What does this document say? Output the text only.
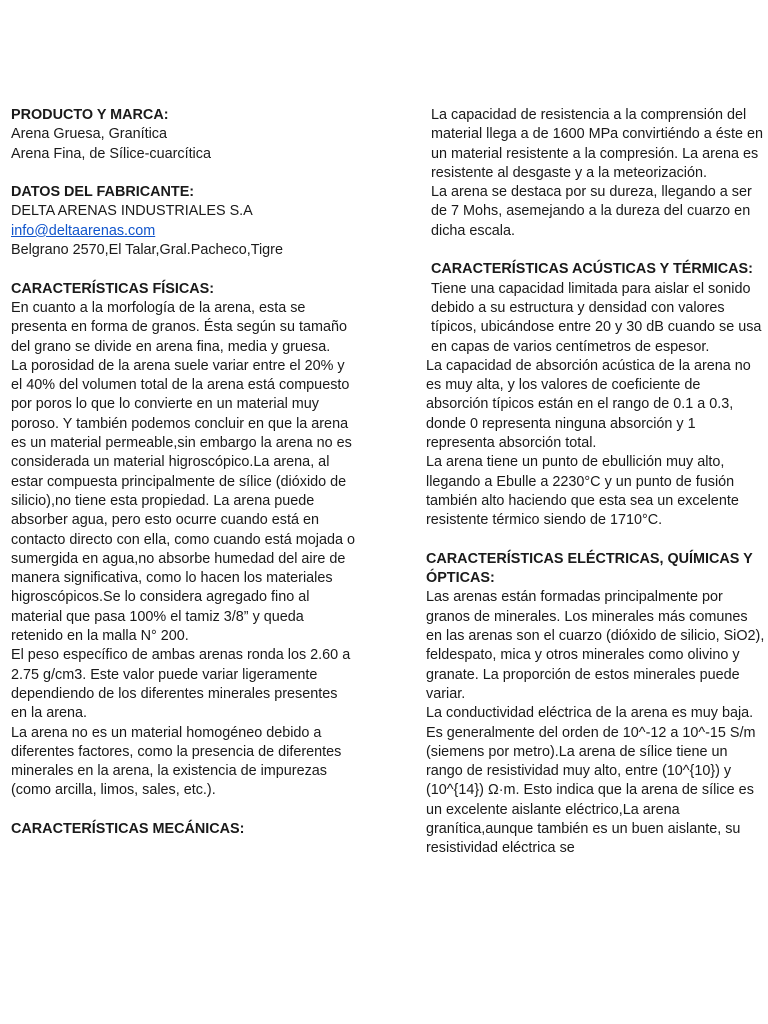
PRODUCTO Y MARCA:
Arena Gruesa, Granítica
Arena Fina, de Sílice-cuarcítica
DATOS DEL FABRICANTE:
DELTA ARENAS INDUSTRIALES S.A
info@deltaarenas.com
Belgrano 2570,El Talar,Gral.Pacheco,Tigre
CARACTERÍSTICAS FÍSICAS:

En cuanto a la morfología de la arena, esta se presenta en forma de granos. Ésta según su tamaño del grano se divide en arena fina, media y gruesa.

La porosidad de la arena suele variar entre el 20% y el 40% del volumen total de la arena está compuesto por poros lo que lo convierte en un material muy poroso. Y también podemos concluir en que la arena es un material permeable,sin embargo la arena no es considerada un material higroscópico.La arena, al estar compuesta principalmente de sílice (dióxido de silicio),no tiene esta propiedad. La arena puede absorber agua, pero esto ocurre cuando está en contacto directo con ella, como cuando está mojada o sumergida en agua,no absorbe humedad del aire de manera significativa, como lo hacen los materiales higroscópicos.Se lo considera agregado fino al material que pasa 100% el tamiz 3/8” y queda retenido en la malla N° 200.

El peso específico de ambas arenas ronda los 2.60 a 2.75 g/cm3. Este valor puede variar ligeramente dependiendo de los diferentes minerales presentes en la arena.

La arena no es un material homogéneo debido a diferentes factores, como la presencia de diferentes minerales en la arena, la existencia de impurezas (como arcilla, limos, sales, etc.).

CARACTERÍSTICAS MECÁNICAS:

La capacidad de resistencia a la comprensión del material llega a de 1600 MPa convirtiéndo a éste en un material resistente a la compresión. La arena es resistente al desgaste y a la meteorización.

La arena se destaca por su dureza, llegando a ser de 7 Mohs, asemejando a la dureza del cuarzo en dicha escala.

CARACTERÍSTICAS ACÚSTICAS Y TÉRMICAS:

Tiene una capacidad limitada para aislar el sonido debido a su estructura y densidad con valores típicos, ubicándose entre 20 y 30 dB cuando se usa en capas de varios centímetros de espesor.

La capacidad de absorción acústica de la arena no es muy alta, y los valores de coeficiente de absorción típicos están en el rango de 0.1 a 0.3, donde 0 representa ninguna absorción y 1 representa absorción total.

La arena tiene un punto de ebullición muy alto, llegando a Ebulle a 2230°C y un punto de fusión también alto haciendo que esta sea un excelente resistente térmico siendo de 1710°C.

CARACTERÍSTICAS ELÉCTRICAS, QUÍMICAS Y ÓPTICAS:

Las arenas están formadas principalmente por granos de minerales. Los minerales más comunes en las arenas son el cuarzo (dióxido de silicio, SiO2), feldespato, mica y otros minerales como olivino y granate. La proporción de estos minerales puede variar.

La conductividad eléctrica de la arena es muy baja. Es generalmente del orden de 10^-12 a 10^-15 S/m (siemens por metro).La arena de sílice tiene un rango de resistividad muy alto, entre (10^{10}) y (10^{14}) Ω·m. Esto indica que la arena de sílice es un excelente aislante eléctrico,La arena granítica,aunque también es un buen aislante, su resistividad eléctrica se
